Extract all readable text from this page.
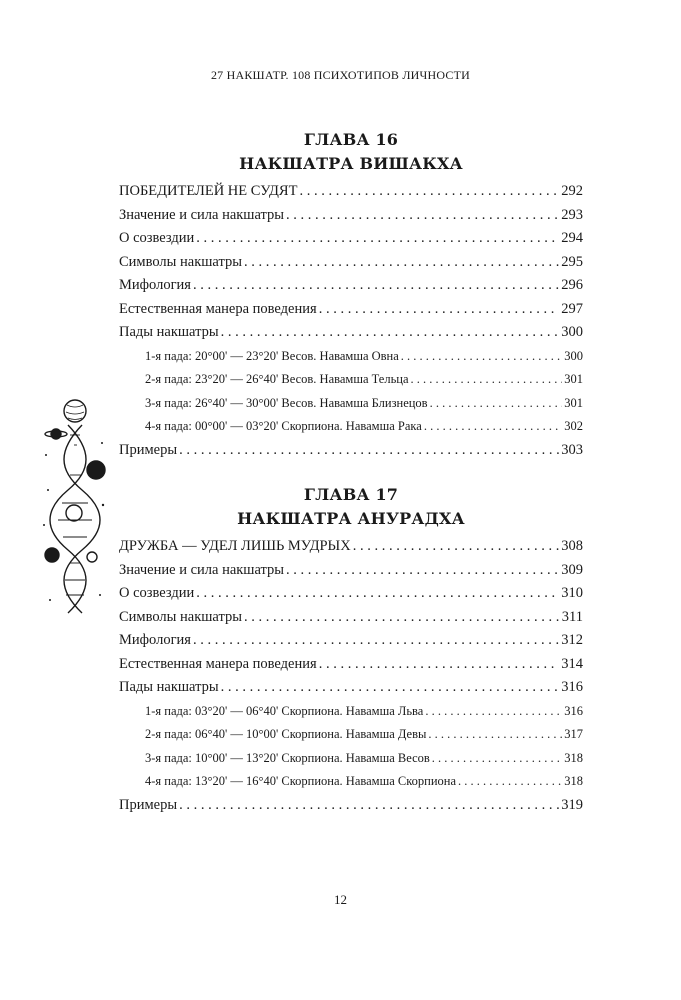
27 НАКШАТР. 108 ПСИХОТИПОВ ЛИЧНОСТИ
ГЛАВА 16
НАКШАТРА ВИШАКХА
ПОБЕДИТЕЛЕЙ НЕ СУДЯТ . . .	292
Значение и сила накшатры . . .	293
О созвездии . . .	294
Символы накшатры . . .	295
Мифология . . .	296
Естественная манера поведения . . .	297
Пады накшатры . . .	300
1-я пада: 20°00' — 23°20' Весов. Навамша Овна . . .	300
2-я пада: 23°20' — 26°40' Весов. Навамша Тельца . . .	301
3-я пада: 26°40' — 30°00' Весов. Навамша Близнецов . . .	301
4-я пада: 00°00' — 03°20' Скорпиона. Навамша Рака . . .	302
Примеры . . .	303
ГЛАВА 17
НАКШАТРА АНУРАДХА
ДРУЖБА — УДЕЛ ЛИШЬ МУДРЫХ . . .	308
Значение и сила накшатры . . .	309
О созвездии . . .	310
Символы накшатры . . .	311
Мифология . . .	312
Естественная манера поведения . . .	314
Пады накшатры . . .	316
1-я пада: 03°20' — 06°40' Скорпиона. Навамша Льва . . .	316
2-я пада: 06°40' — 10°00' Скорпиона. Навамша Девы . . .	317
3-я пада: 10°00' — 13°20' Скорпиона. Навамша Весов . . .	318
4-я пада: 13°20' — 16°40' Скорпиона. Навамша Скорпиона . . .	318
Примеры . . .	319
12
